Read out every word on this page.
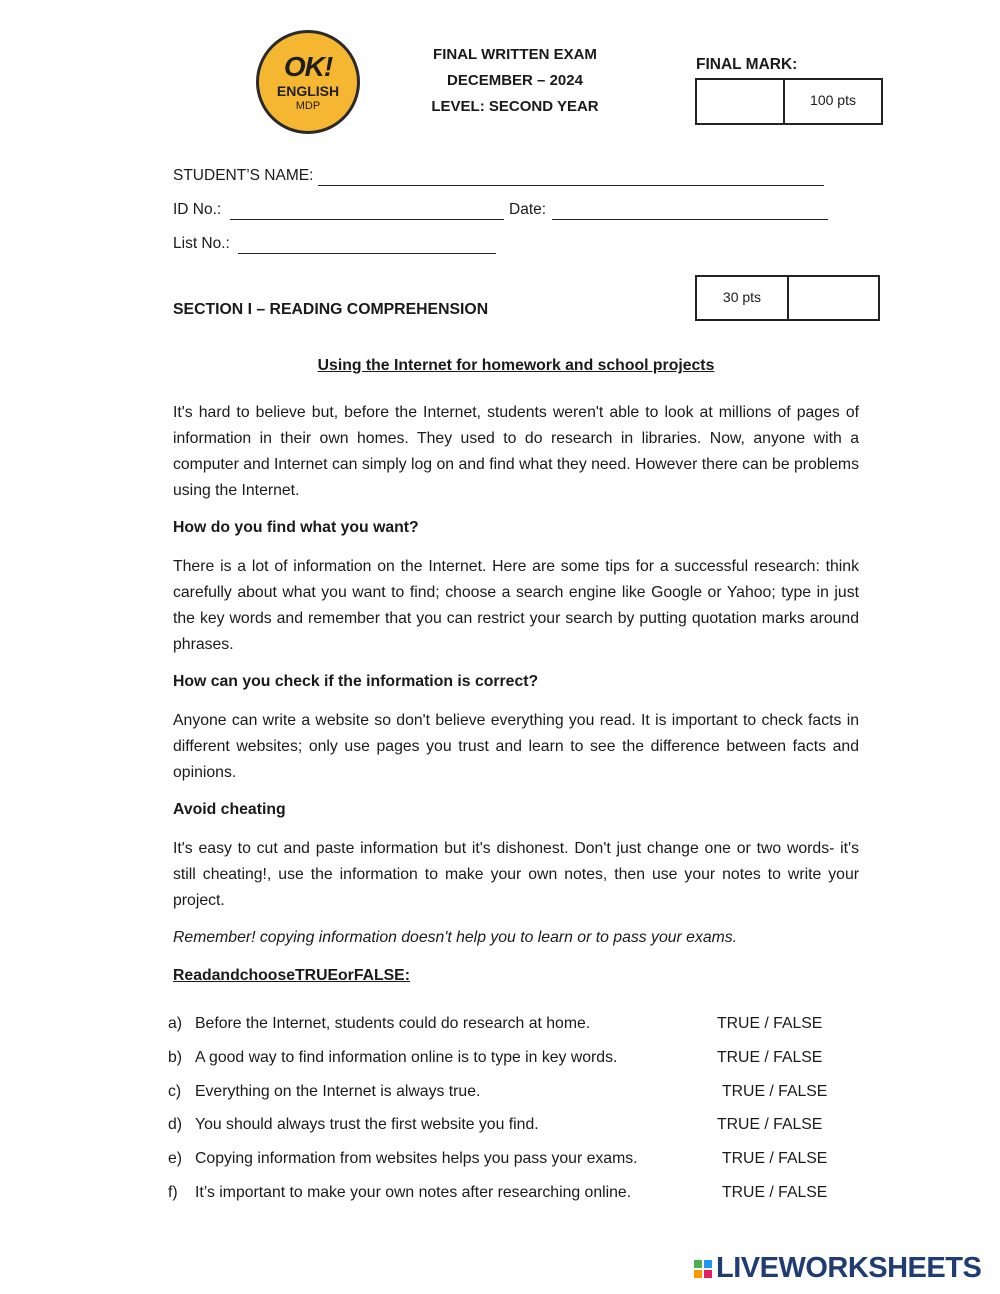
OK!
ENGLISH
MDP
FINAL WRITTEN EXAM
DECEMBER – 2024
LEVEL: SECOND YEAR
FINAL MARK:
100 pts
STUDENT’S NAME:
ID No.:	Date:
List No.:
SECTION I – READING COMPREHENSION
30 pts
Using the Internet for homework and school projects
It's hard to believe but, before the Internet, students weren't able to look at millions of pages of information in their own homes. They used to do research in libraries. Now, anyone with a computer and Internet can simply log on and find what they need. However there can be problems using the Internet.
How do you find what you want?
There is a lot of information on the Internet. Here are some tips for a successful research: think carefully about what you want to find; choose a search engine like Google or Yahoo; type in just the key words and remember that you can restrict your search by putting quotation marks around phrases.
How can you check if the information is correct?
Anyone can write a website so don't believe everything you read. It is important to check facts in different websites; only use pages you trust and learn to see the difference between facts and opinions.
Avoid cheating
It's easy to cut and paste information but it's dishonest. Don't just change one or two words- it's still cheating!, use the information to make your own notes, then use your notes to write your project.
Remember! copying information doesn't help you to learn or to pass your exams.
ReadandchooseTRUEorFALSE:
a) Before the Internet, students could do research at home.	TRUE / FALSE
b) A good way to find information online is to type in key words.	TRUE / FALSE
c) Everything on the Internet is always true.	TRUE / FALSE
d) You should always trust the first website you find.	TRUE / FALSE
e) Copying information from websites helps you pass your exams.	TRUE / FALSE
f) It’s important to make your own notes after researching online.	TRUE / FALSE
LIVEWORKSHEETS
